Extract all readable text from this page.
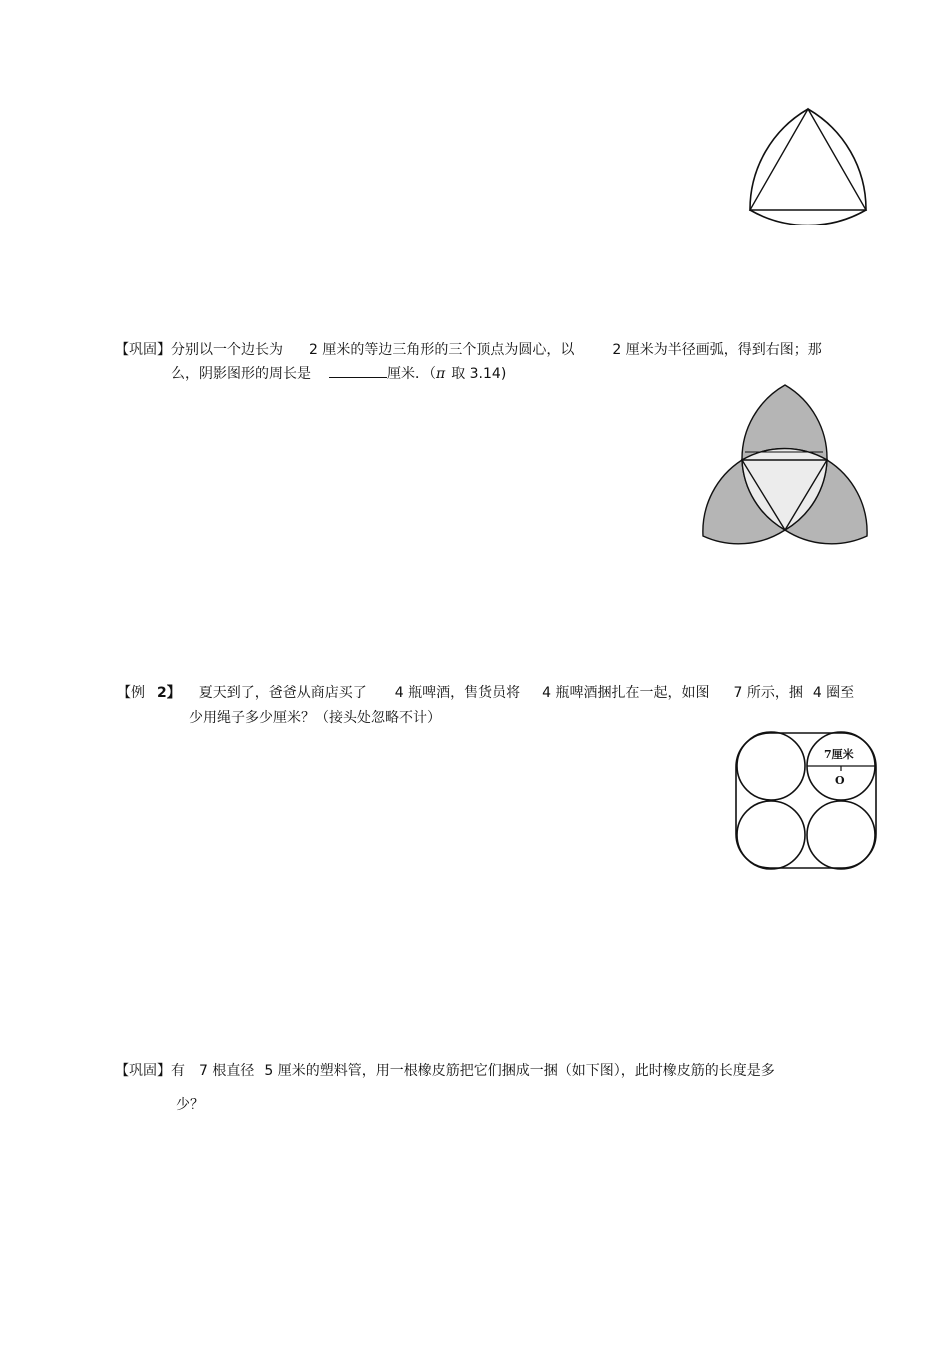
【巩固】分别以一个边长为 2 厘米的等边三角形的三个顶点为圆心，以	2 厘米为半径画弧，得到右图；那
么，阴影图形的周长是	厘米．（π 取 3.14)
【例 2】 夏天到了，爸爸从商店买了 4 瓶啤酒，售货员将 4 瓶啤酒捆扎在一起，如图 7 所示，捆 4 圈至
少用绳子多少厘米？（接头处忽略不计）
7厘米
O
【巩固】有 7 根直径 5 厘米的塑料管，用一根橡皮筋把它们捆成一捆（如下图），此时橡皮筋的长度是多
少？
